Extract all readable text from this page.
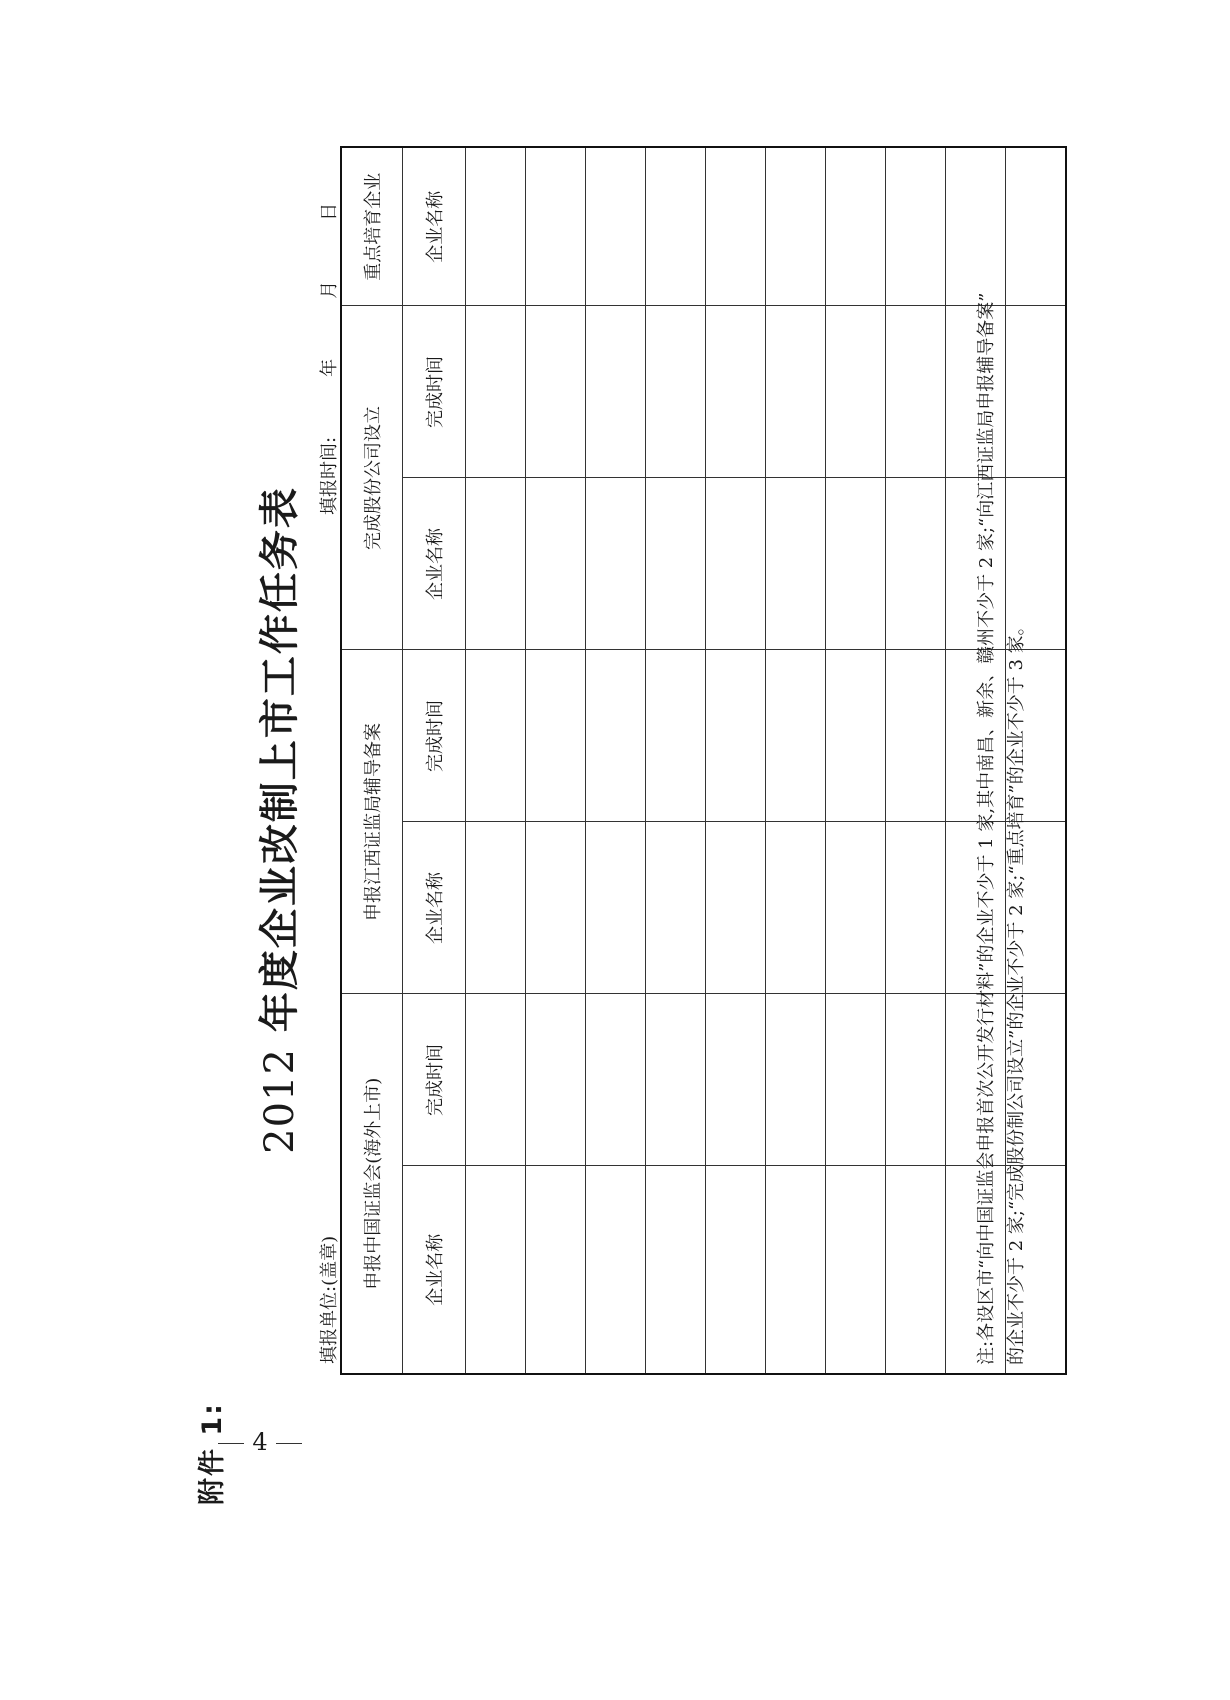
附件 1:
2012 年度企业改制上市工作任务表
填报单位:(盖章)
填报时间:
年
月
日
申报中国证监会(海外上市)		申报江西证监局辅导备案		完成股份公司设立		重点培育企业
企业名称	完成时间	企业名称	完成时间	企业名称	完成时间	企业名称

注:各设区市“向中国证监会申报首次公开发行材料”的企业不少于 1 家,其中南昌、新余、赣州不少于 2 家;“向江西证监局申报辅导备案” 的企业不少于 2 家;“完成股份制公司设立”的企业不少于 2 家;“重点培育”的企业不少于 3 家。
4
